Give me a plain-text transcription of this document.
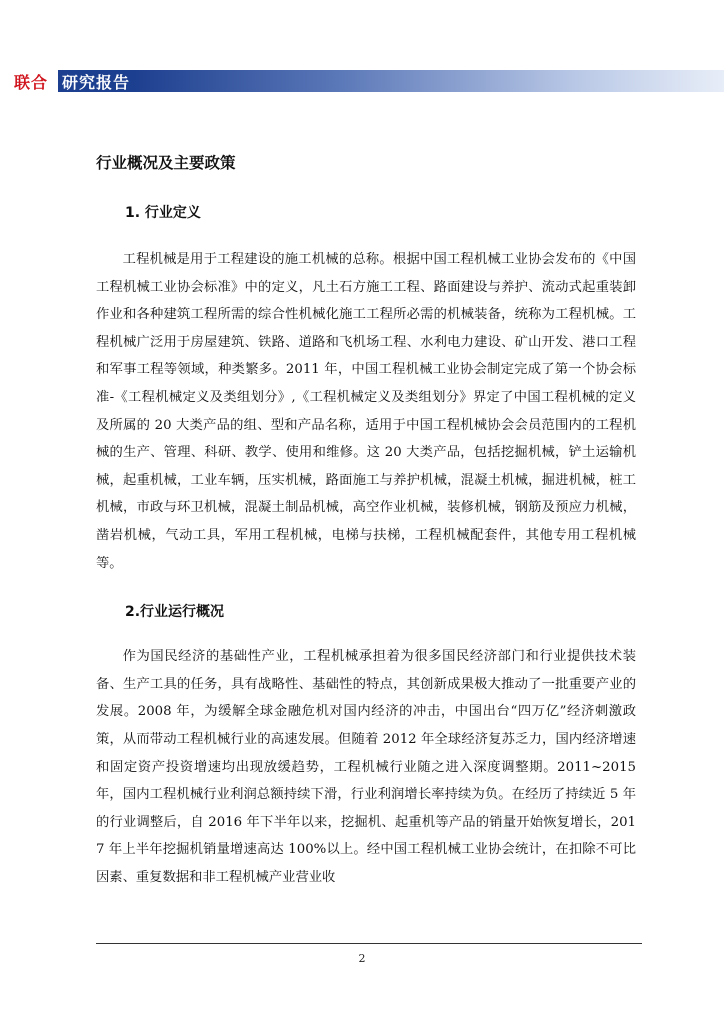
联合 研究报告
行业概况及主要政策
1. 行业定义

工程机械是用于工程建设的施工机械的总称。根据中国工程机械工业协会发布的《中国工程机械工业协会标准》中的定义，凡土石方施工工程、路面建设与养护、流动式起重装卸作业和各种建筑工程所需的综合性机械化施工工程所必需的机械装备，统称为工程机械。工程机械广泛用于房屋建筑、铁路、道路和飞机场工程、水利电力建设、矿山开发、港口工程和军事工程等领域，种类繁多。2011 年，中国工程机械工业协会制定完成了第一个协会标准-《工程机械定义及类组划分》,《工程机械定义及类组划分》界定了中国工程机械的定义及所属的 20 大类产品的组、型和产品名称，适用于中国工程机械协会会员范围内的工程机械的生产、管理、科研、教学、使用和维修。这 20 大类产品，包括挖掘机械，铲土运输机械，起重机械，工业车辆，压实机械，路面施工与养护机械，混凝土机械，掘进机械，桩工机械，市政与环卫机械，混凝土制品机械，高空作业机械，装修机械，钢筋及预应力机械，凿岩机械，气动工具，军用工程机械，电梯与扶梯，工程机械配套件，其他专用工程机械等。

2.行业运行概况

作为国民经济的基础性产业，工程机械承担着为很多国民经济部门和行业提供技术装备、生产工具的任务，具有战略性、基础性的特点，其创新成果极大推动了一批重要产业的发展。2008 年，为缓解全球金融危机对国内经济的冲击，中国出台“四万亿”经济刺激政策，从而带动工程机械行业的高速发展。但随着 2012 年全球经济复苏乏力，国内经济增速和固定资产投资增速均出现放缓趋势，工程机械行业随之进入深度调整期。2011~2015 年，国内工程机械行业利润总额持续下滑，行业利润增长率持续为负。在经历了持续近 5 年的行业调整后，自 2016 年下半年以来，挖掘机、起重机等产品的销量开始恢复增长，2017 年上半年挖掘机销量增速高达 100%以上。经中国工程机械工业协会统计，在扣除不可比因素、重复数据和非工程机械产业营业收

2
